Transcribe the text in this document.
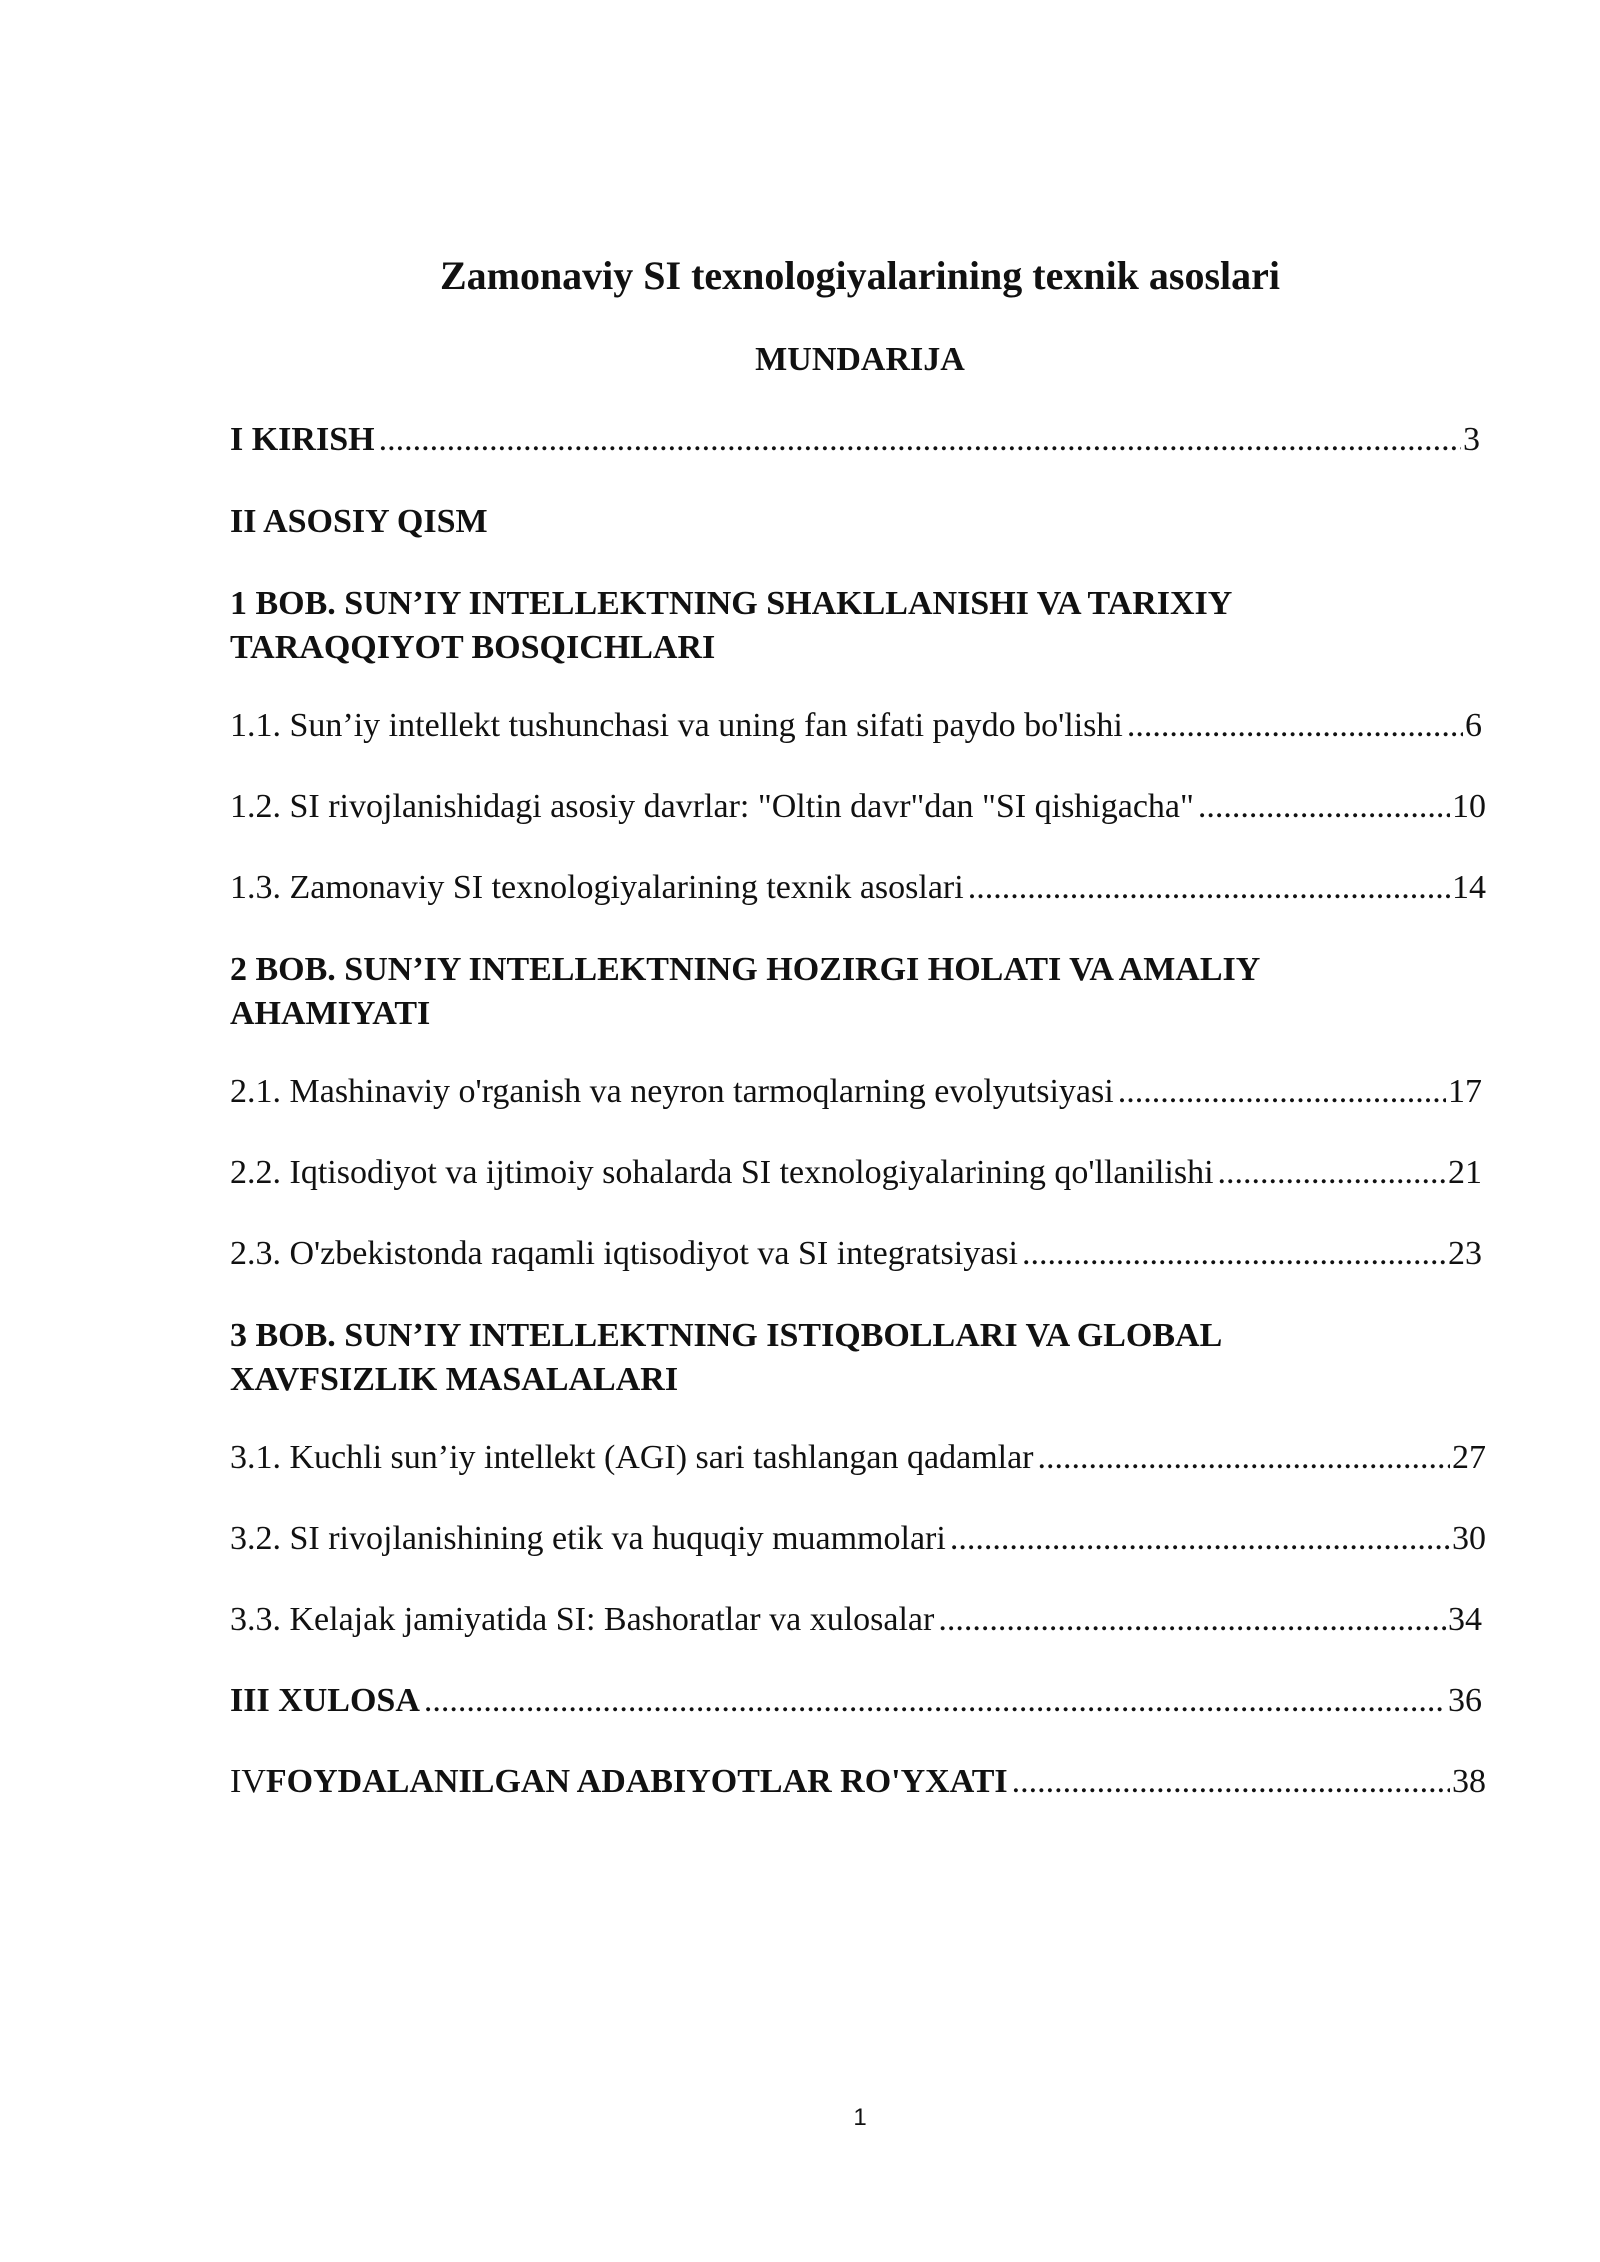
Zamonaviy SI texnologiyalarining texnik asoslari
MUNDARIJA
I KIRISH .....	3
II ASOSIY QISM
1 BOB. SUN’IY INTELLEKTNING SHAKLLANISHI VA TARIXIY TARAQQIYOT BOSQICHLARI
1.1. Sun’iy intellekt tushunchasi va uning fan sifati paydo bo'lishi .....	6
1.2. SI rivojlanishidagi asosiy davrlar: "Oltin davr"dan "SI qishigacha" .....	10
1.3. Zamonaviy SI texnologiyalarining texnik asoslari .....	14
2 BOB. SUN’IY INTELLEKTNING HOZIRGI HOLATI VA AMALIY AHAMIYATI
2.1. Mashinaviy o'rganish va neyron tarmoqlarning evolyutsiyasi .....	17
2.2. Iqtisodiyot va ijtimoiy sohalarda SI texnologiyalarining qo'llanilishi .....	21
2.3. O'zbekistonda raqamli iqtisodiyot va SI integratsiyasi .....	23
3 BOB. SUN’IY INTELLEKTNING ISTIQBOLLARI VA GLOBAL XAVFSIZLIK MASALALARI
3.1. Kuchli sun’iy intellekt (AGI) sari tashlangan qadamlar .....	27
3.2. SI rivojlanishining etik va huquqiy muammolari .....	30
3.3. Kelajak jamiyatida SI: Bashoratlar va xulosalar .....	34
III XULOSA .....	36
IV FOYDALANILGAN ADABIYOTLAR RO'YXATI .....	38
1
